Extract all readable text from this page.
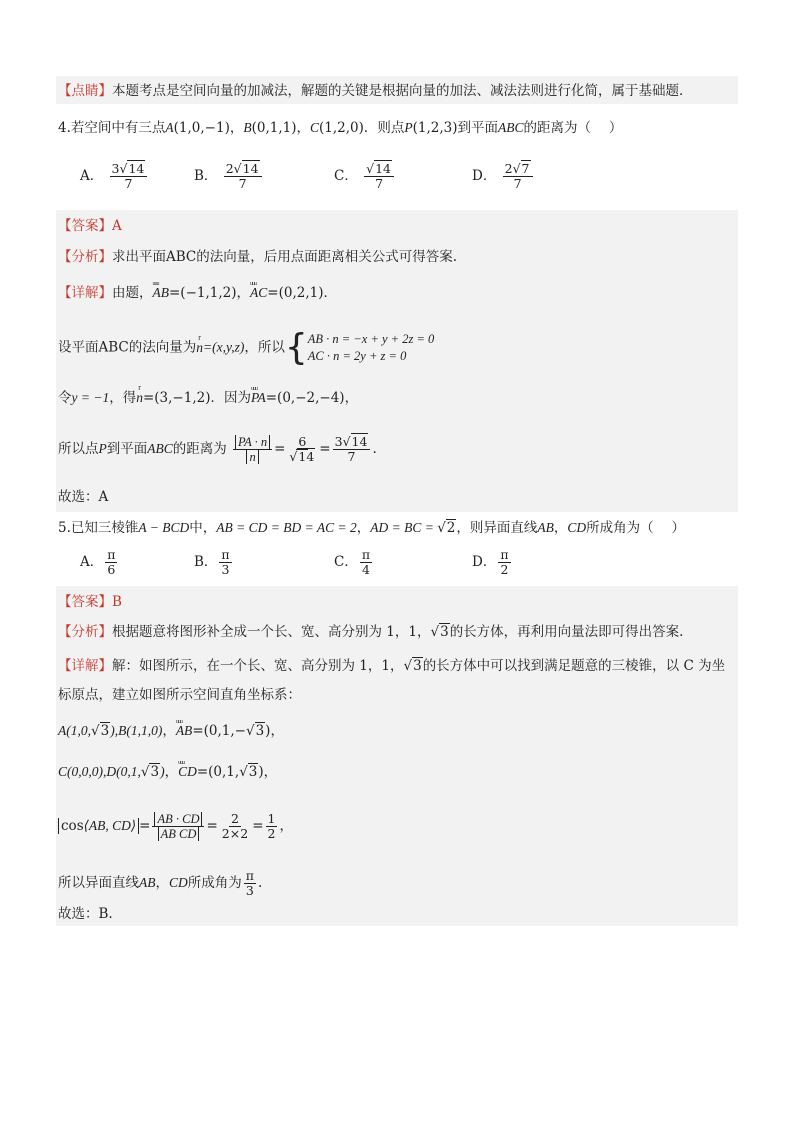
【点睛】本题考点是空间向量的加减法，解题的关键是根据向量的加法、减法法则进行化简，属于基础题．
4.若空间中有三点A(1,0,−1)，B(0,1,1)，C(1,2,0)．则点P(1,2,3)到平面ABC的距离为（　 ）
A． $\frac{3√14}{7}$	B． $\frac{2√14}{7}$	C． $\frac{√14}{7}$	D． $\frac{2√7}{7}$
【答案】A
【分析】求出平面ABC的法向量，后用点面距离相关公式可得答案.
【详解】由题，uuu AB=(−1,1,2)，uuu AC=(0,2,1)．
设平面ABC的法向量为r n=(x,y,z)，所以{AB · n = −x + y + 2z = 0
AC · n = 2y + z = 0
令y = −1，得r n=(3,−1,2)．因为uuu PA=(0,−2,−4)，
所以点P到平面ABC的距离为 $\frac{PA \cdot n}{n} = \frac{6}{√14} = \frac{3√14}{7}$ .
故选：A
5.已知三棱锥A − BCD中，AB = CD = BD = AC = 2，AD = BC = √2，则异面直线AB，CD所成角为（　 ）
A． $\frac{\pi}{6}$	B． $\frac{\pi}{3}$	C． $\frac{\pi}{4}$	D． $\frac{\pi}{2}$
【答案】B
【分析】根据题意将图形补全成一个长、宽、高分别为 1，1，√3的长方体，再利用向量法即可得出答案.
【详解】解：如图所示，在一个长、宽、高分别为 1，1，√3的长方体中可以找到满足题意的三棱锥，以 C 为坐
标原点，建立如图所示空间直角坐标系：
A(1,0,√3),B(1,1,0)，uuu AB=(0,1,−√3)，
C(0,0,0),D(0,1,√3)，uuu CD=(0,1,√3)，
cos⟨AB, CD⟩ = $\frac{AB \cdot CD}{\text{AB CD}} = \frac{2}{2\times 2} = \frac{1}{2}$ ，
所以异面直线AB，CD所成角为 $\frac{\pi}{3}$ .
故选：B.
